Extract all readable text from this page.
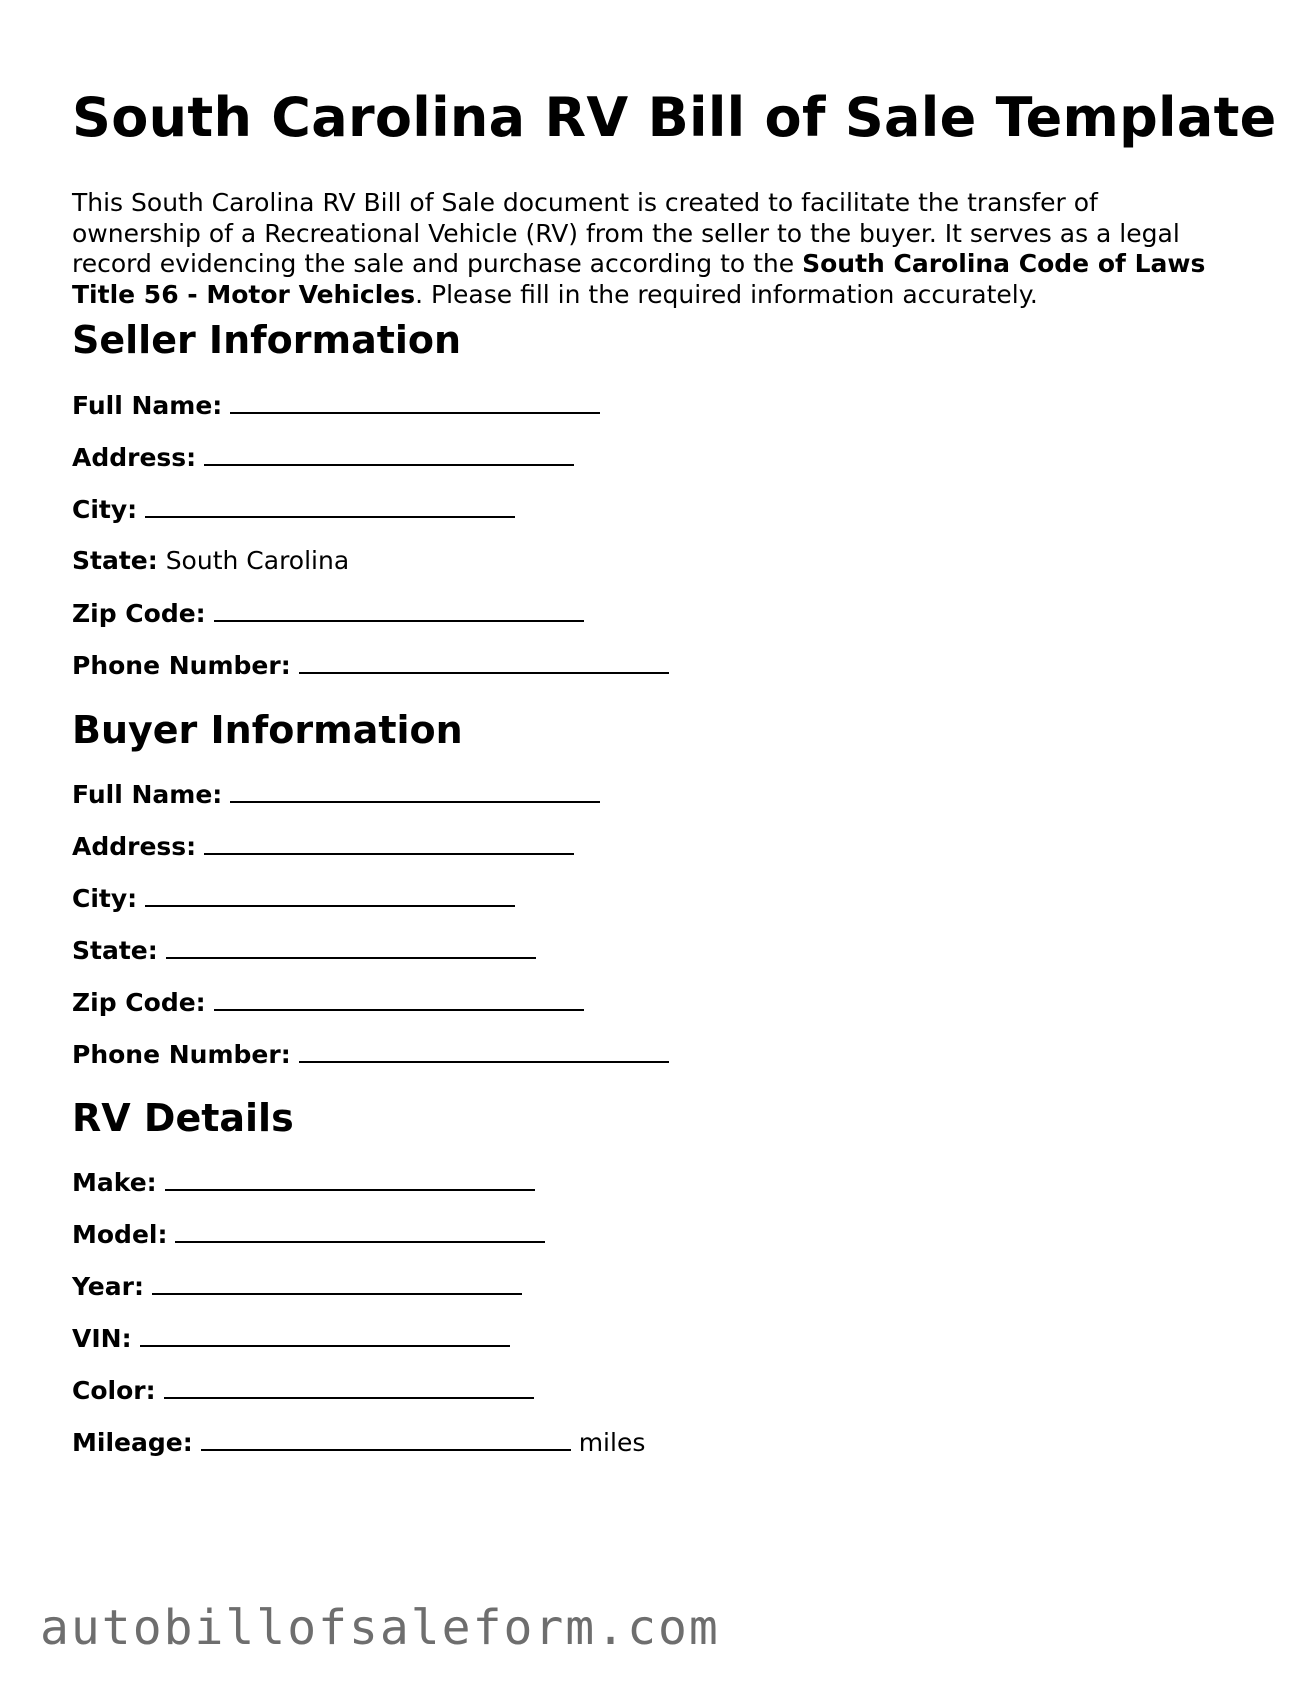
South Carolina RV Bill of Sale Template

This South Carolina RV Bill of Sale document is created to facilitate the transfer of ownership of a Recreational Vehicle (RV) from the seller to the buyer. It serves as a legal record evidencing the sale and purchase according to the South Carolina Code of Laws Title 56 - Motor Vehicles. Please fill in the required information accurately.

Seller Information
Full Name:
Address:
City:
State: South Carolina
Zip Code:
Phone Number:
Buyer Information
Full Name:
Address:
City:
State:
Zip Code:
Phone Number:
RV Details
Make:
Model:
Year:
VIN:
Color:
Mileage:	miles
autobillofsaleform.com
